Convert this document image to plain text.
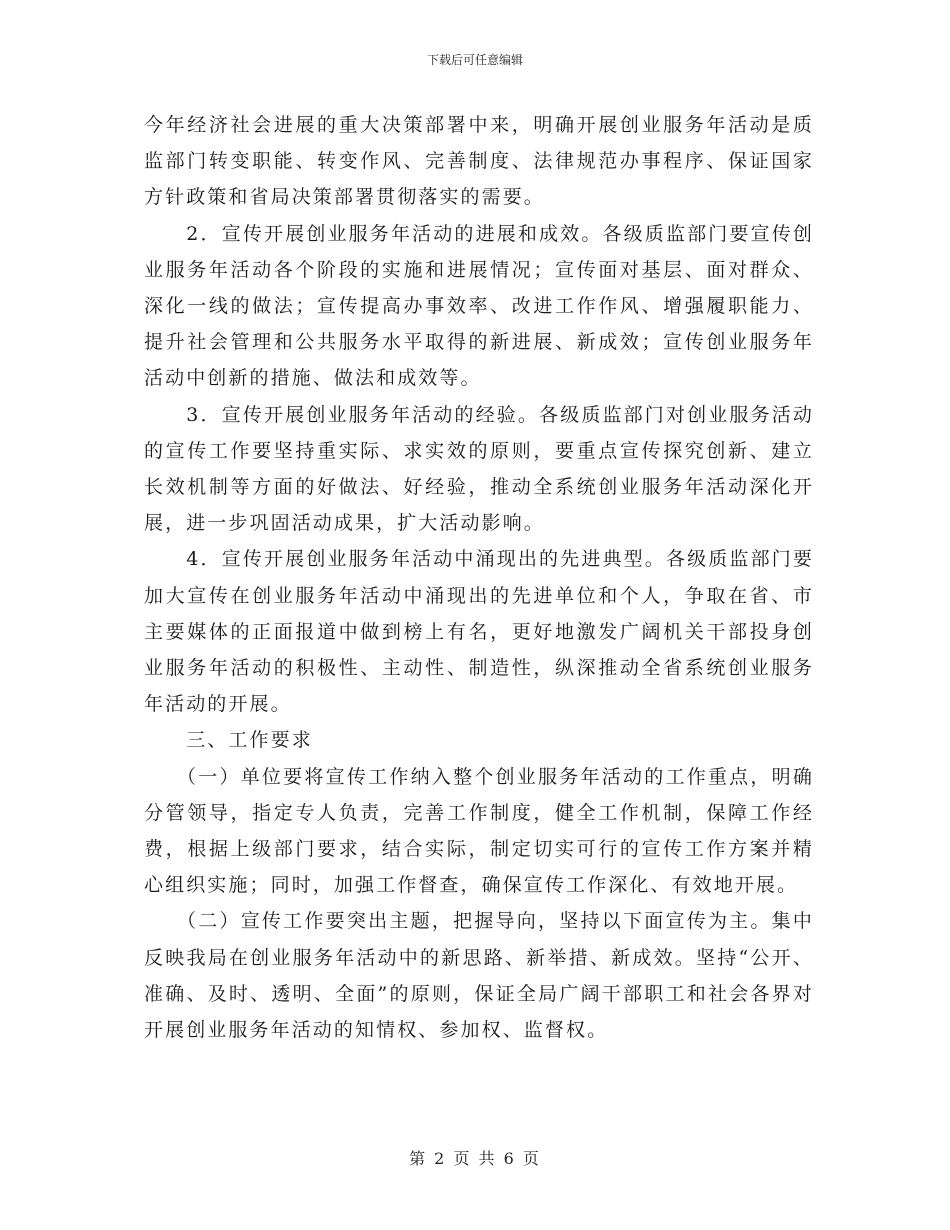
下载后可任意编辑

今年经济社会进展的重大决策部署中来，明确开展创业服务年活动是质监部门转变职能、转变作风、完善制度、法律规范办事程序、保证国家方针政策和省局决策部署贯彻落实的需要。

　　2．宣传开展创业服务年活动的进展和成效。各级质监部门要宣传创业服务年活动各个阶段的实施和进展情况；宣传面对基层、面对群众、深化一线的做法；宣传提高办事效率、改进工作作风、增强履职能力、提升社会管理和公共服务水平取得的新进展、新成效；宣传创业服务年活动中创新的措施、做法和成效等。

　　3．宣传开展创业服务年活动的经验。各级质监部门对创业服务活动的宣传工作要坚持重实际、求实效的原则，要重点宣传探究创新、建立长效机制等方面的好做法、好经验，推动全系统创业服务年活动深化开展，进一步巩固活动成果，扩大活动影响。

　　4．宣传开展创业服务年活动中涌现出的先进典型。各级质监部门要加大宣传在创业服务年活动中涌现出的先进单位和个人，争取在省、市主要媒体的正面报道中做到榜上有名，更好地激发广阔机关干部投身创业服务年活动的积极性、主动性、制造性，纵深推动全省系统创业服务年活动的开展。

　　三、工作要求

　　（一）单位要将宣传工作纳入整个创业服务年活动的工作重点，明确分管领导，指定专人负责，完善工作制度，健全工作机制，保障工作经费，根据上级部门要求，结合实际，制定切实可行的宣传工作方案并精心组织实施；同时，加强工作督查，确保宣传工作深化、有效地开展。

　　（二）宣传工作要突出主题，把握导向，坚持以下面宣传为主。集中反映我局在创业服务年活动中的新思路、新举措、新成效。坚持“公开、准确、及时、透明、全面”的原则，保证全局广阔干部职工和社会各界对开展创业服务年活动的知情权、参加权、监督权。

第 2 页 共 6 页
